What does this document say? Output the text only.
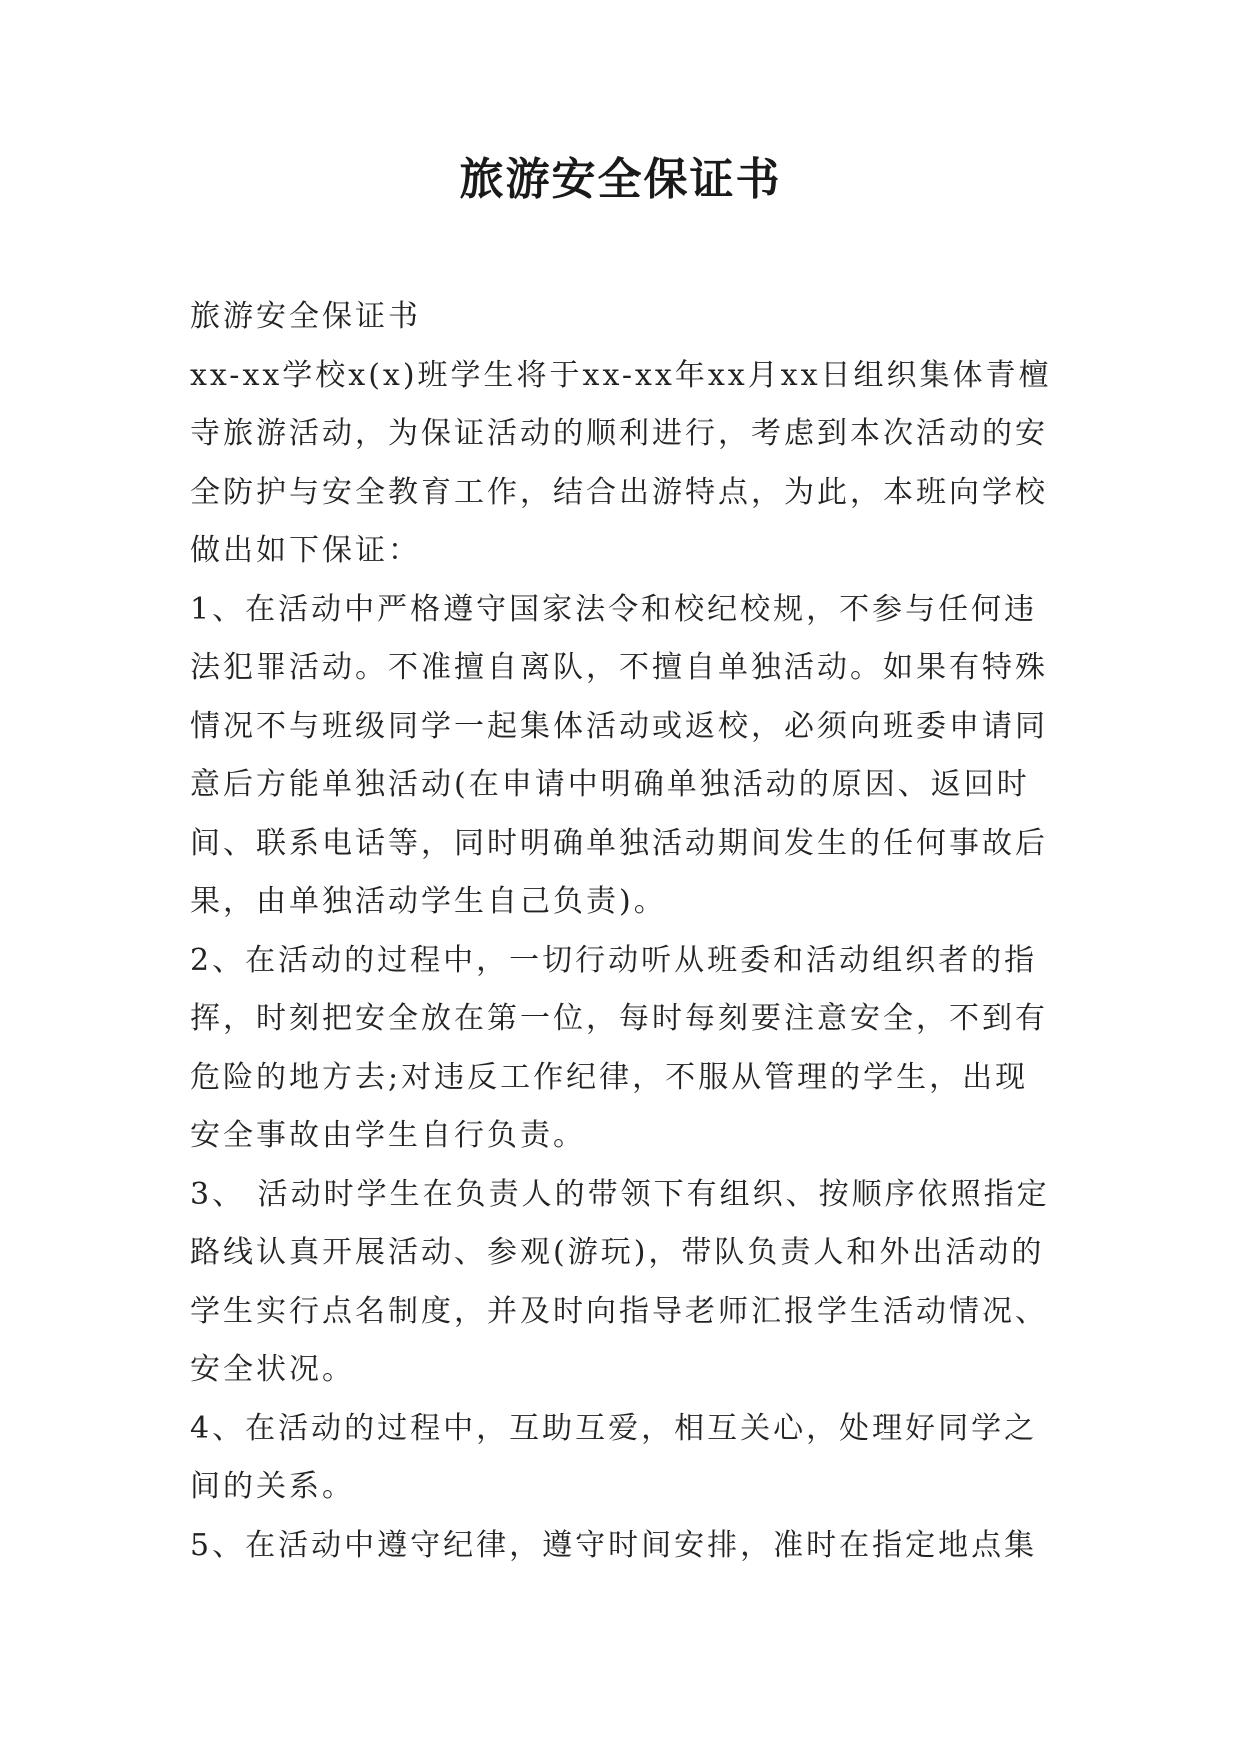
旅游安全保证书

旅游安全保证书

xx-xx学校x(x)班学生将于xx-xx年xx月xx日组织集体青檀寺旅游活动，为保证活动的顺利进行，考虑到本次活动的安全防护与安全教育工作，结合出游特点，为此，本班向学校做出如下保证：

1、在活动中严格遵守国家法令和校纪校规，不参与任何违法犯罪活动。不准擅自离队，不擅自单独活动。如果有特殊情况不与班级同学一起集体活动或返校，必须向班委申请同意后方能单独活动(在申请中明确单独活动的原因、返回时间、联系电话等，同时明确单独活动期间发生的任何事故后果，由单独活动学生自己负责)。

2、在活动的过程中，一切行动听从班委和活动组织者的指挥，时刻把安全放在第一位，每时每刻要注意安全，不到有危险的地方去;对违反工作纪律，不服从管理的学生，出现安全事故由学生自行负责。

3、 活动时学生在负责人的带领下有组织、按顺序依照指定路线认真开展活动、参观(游玩)，带队负责人和外出活动的学生实行点名制度，并及时向指导老师汇报学生活动情况、安全状况。

4、在活动的过程中，互助互爱，相互关心，处理好同学之间的关系。

5、在活动中遵守纪律，遵守时间安排，准时在指定地点集
